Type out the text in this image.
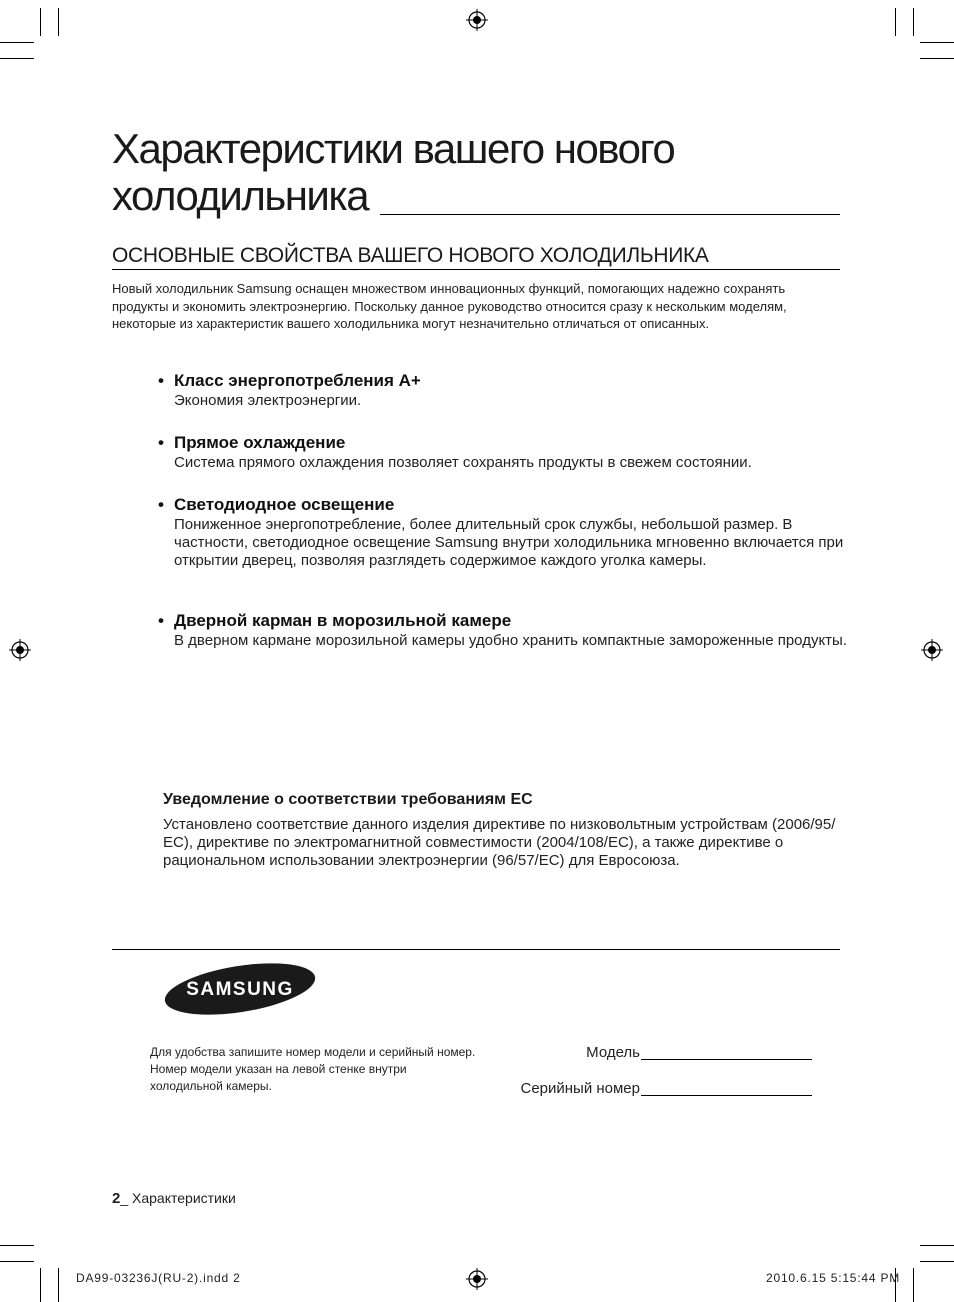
Характеристики вашего нового холодильника
ОСНОВНЫЕ СВОЙСТВА ВАШЕГО НОВОГО ХОЛОДИЛЬНИКА
Новый холодильник Samsung оснащен множеством инновационных функций, помогающих надежно сохранять продукты и экономить электроэнергию. Поскольку данное руководство относится сразу к нескольким моделям, некоторые из характеристик вашего холодильника могут незначительно отличаться от описанных.
• Класс энергопотребления A+
Экономия электроэнергии.
• Прямое охлаждение
Система прямого охлаждения позволяет сохранять продукты в свежем состоянии.
• Светодиодное освещение
Пониженное энергопотребление, более длительный срок службы, небольшой размер. В частности, светодиодное освещение Samsung внутри холодильника мгновенно включается при открытии дверец, позволяя разглядеть содержимое каждого уголка камеры.
• Дверной карман в морозильной камере
В дверном кармане морозильной камеры удобно хранить компактные замороженные продукты.
Уведомление о соответствии требованиям ЕС
Установлено соответствие данного изделия директиве по низковольтным устройствам (2006/95/ЕС), директиве по электромагнитной совместимости (2004/108/ЕС), а также директиве о рациональном использовании электроэнергии (96/57/ЕС) для Евросоюза.
SAMSUNG
Для удобства запишите номер модели и серийный номер. Номер модели указан на левой стенке внутри холодильной камеры.
Модель
Серийный номер
2_ Характеристики
DA99-03236J(RU-2).indd 2	2010.6.15 5:15:44 PM
